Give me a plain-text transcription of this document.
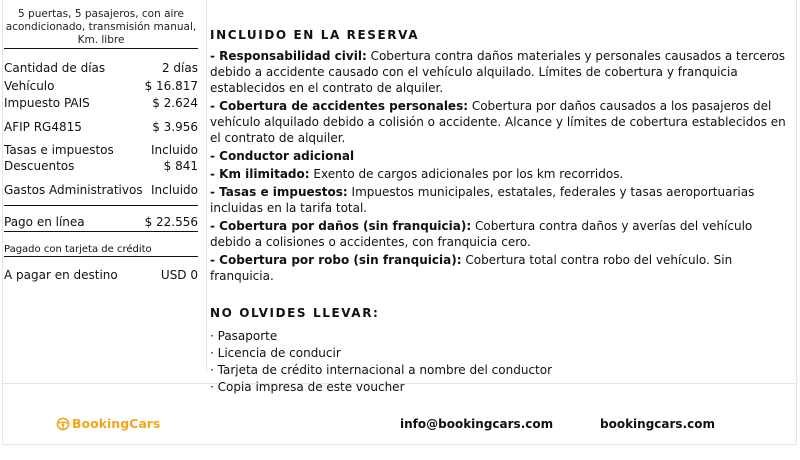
5 puertas, 5 pasajeros, con aire
acondicionado, transmisión manual,
Km. libre
Cantidad de días	2 días
Vehículo	$ 16.817
Impuesto PAIS	$ 2.624
AFIP RG4815	$ 3.956
Tasas e impuestos	Incluido
Descuentos	$ 841
Gastos Administrativos Incluido
Pago en línea	$ 22.556
Pagado con tarjeta de crédito
A pagar en destino	USD 0
INCLUIDO EN LA RESERVA
- Responsabilidad civil: Cobertura contra daños materiales y personales causados a terceros debido a accidente causado con el vehículo alquilado. Límites de cobertura y franquicia establecidos en el contrato de alquiler.
- Cobertura de accidentes personales: Cobertura por daños causados a los pasajeros del vehículo alquilado debido a colisión o accidente. Alcance y límites de cobertura establecidos en el contrato de alquiler.
- Conductor adicional
- Km ilimitado: Exento de cargos adicionales por los km recorridos.
- Tasas e impuestos: Impuestos municipales, estatales, federales y tasas aeroportuarias incluidas en la tarifa total.
- Cobertura por daños (sin franquicia): Cobertura contra daños y averías del vehículo debido a colisiones o accidentes, con franquicia cero.
- Cobertura por robo (sin franquicia): Cobertura total contra robo del vehículo. Sin franquicia.
NO OLVIDES LLEVAR:
· Pasaporte
· Licencia de conducir
· Tarjeta de crédito internacional a nombre del conductor
· Copia impresa de este voucher
BookingCars	info@bookingcars.com	bookingcars.com
